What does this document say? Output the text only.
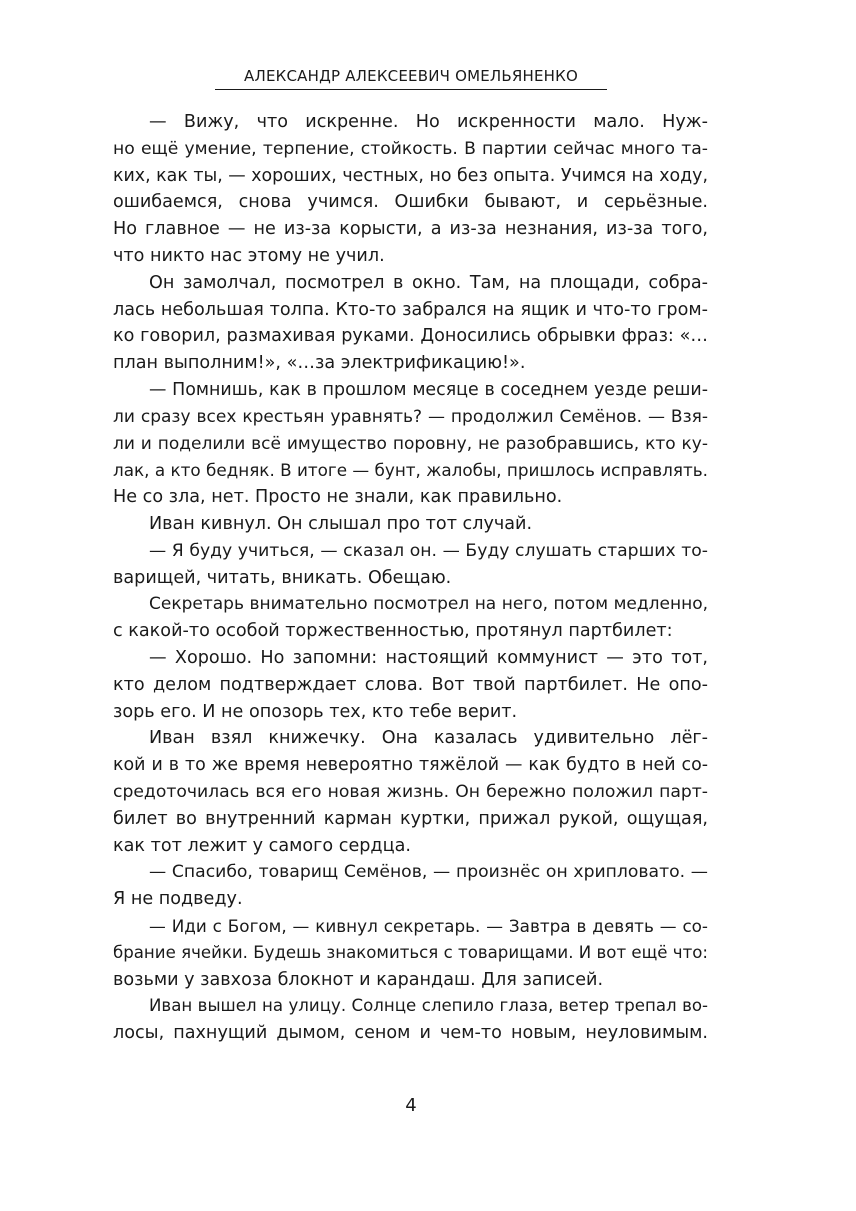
АЛЕКСАНДР АЛЕКСЕЕВИЧ ОМЕЛЬЯНЕНКО

— Вижу, что искренне. Но искренности мало. Нуж-
но ещё умение, терпение, стойкость. В партии сейчас много та-
ких, как ты, — хороших, честных, но без опыта. Учимся на ходу,
ошибаемся, снова учимся. Ошибки бывают, и серьёзные.
Но главное — не из-за корысти, а из-за незнания, из-за того,
что никто нас этому не учил.

Он замолчал, посмотрел в окно. Там, на площади, собра-
лась небольшая толпа. Кто-то забрался на ящик и что-то гром-
ко говорил, размахивая руками. Доносились обрывки фраз: «…
план выполним!», «…за электрификацию!».

— Помнишь, как в прошлом месяце в соседнем уезде реши-
ли сразу всех крестьян уравнять? — продолжил Семёнов. — Взя-
ли и поделили всё имущество поровну, не разобравшись, кто ку-
лак, а кто бедняк. В итоге — бунт, жалобы, пришлось исправлять.
Не со зла, нет. Просто не знали, как правильно.

Иван кивнул. Он слышал про тот случай.

— Я буду учиться, — сказал он. — Буду слушать старших то-
варищей, читать, вникать. Обещаю.

Секретарь внимательно посмотрел на него, потом медленно,
с какой-то особой торжественностью, протянул партбилет:

— Хорошо. Но запомни: настоящий коммунист — это тот,
кто делом подтверждает слова. Вот твой партбилет. Не опо-
зорь его. И не опозорь тех, кто тебе верит.

Иван взял книжечку. Она казалась удивительно лёг-
кой и в то же время невероятно тяжёлой — как будто в ней со-
средоточилась вся его новая жизнь. Он бережно положил парт-
билет во внутренний карман куртки, прижал рукой, ощущая,
как тот лежит у самого сердца.

— Спасибо, товарищ Семёнов, — произнёс он хрипловато. —
Я не подведу.

— Иди с Богом, — кивнул секретарь. — Завтра в девять — со-
брание ячейки. Будешь знакомиться с товарищами. И вот ещё что:
возьми у завхоза блокнот и карандаш. Для записей.

Иван вышел на улицу. Солнце слепило глаза, ветер трепал во-
лосы, пахнущий дымом, сеном и чем-то новым, неуловимым.

4
